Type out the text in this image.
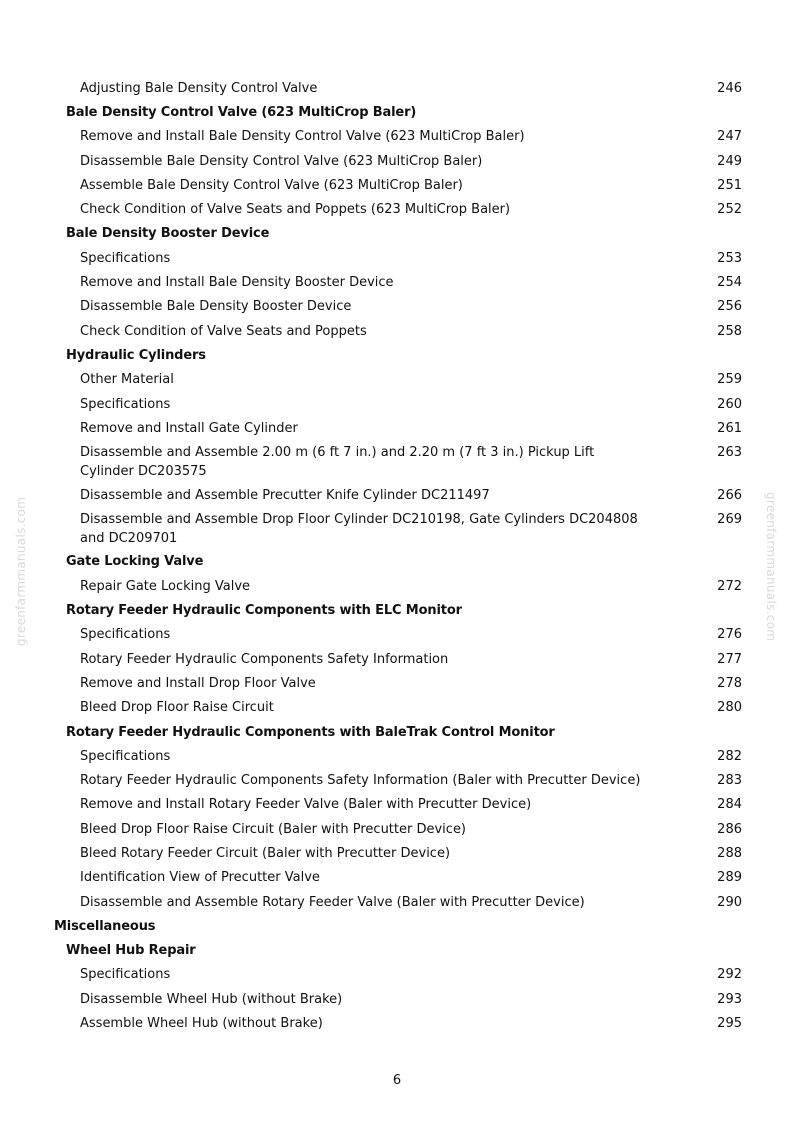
greenfarmmanuals.com	greenfarmmanuals.com
Adjusting Bale Density Control Valve	246
Bale Density Control Valve (623 MultiCrop Baler)
Remove and Install Bale Density Control Valve (623 MultiCrop Baler)	247
Disassemble Bale Density Control Valve (623 MultiCrop Baler)	249
Assemble Bale Density Control Valve (623 MultiCrop Baler)	251
Check Condition of Valve Seats and Poppets (623 MultiCrop Baler)	252
Bale Density Booster Device
Specifications	253
Remove and Install Bale Density Booster Device	254
Disassemble Bale Density Booster Device	256
Check Condition of Valve Seats and Poppets	258
Hydraulic Cylinders
Other Material	259
Specifications	260
Remove and Install Gate Cylinder	261
Disassemble and Assemble 2.00 m (6 ft 7 in.) and 2.20 m (7 ft 3 in.) Pickup Lift Cylinder DC203575
263
Disassemble and Assemble Precutter Knife Cylinder DC211497	266
Disassemble and Assemble Drop Floor Cylinder DC210198, Gate Cylinders DC204808 and DC209701
269
Gate Locking Valve
Repair Gate Locking Valve	272
Rotary Feeder Hydraulic Components with ELC Monitor
Specifications	276
Rotary Feeder Hydraulic Components Safety Information	277
Remove and Install Drop Floor Valve	278
Bleed Drop Floor Raise Circuit	280
Rotary Feeder Hydraulic Components with BaleTrak Control Monitor
Specifications	282
Rotary Feeder Hydraulic Components Safety Information (Baler with Precutter Device)	283
Remove and Install Rotary Feeder Valve (Baler with Precutter Device)	284
Bleed Drop Floor Raise Circuit (Baler with Precutter Device)	286
Bleed Rotary Feeder Circuit (Baler with Precutter Device)	288
Identification View of Precutter Valve	289
Disassemble and Assemble Rotary Feeder Valve (Baler with Precutter Device)	290
Miscellaneous
Wheel Hub Repair
Specifications	292
Disassemble Wheel Hub (without Brake)	293
Assemble Wheel Hub (without Brake)	295
6
